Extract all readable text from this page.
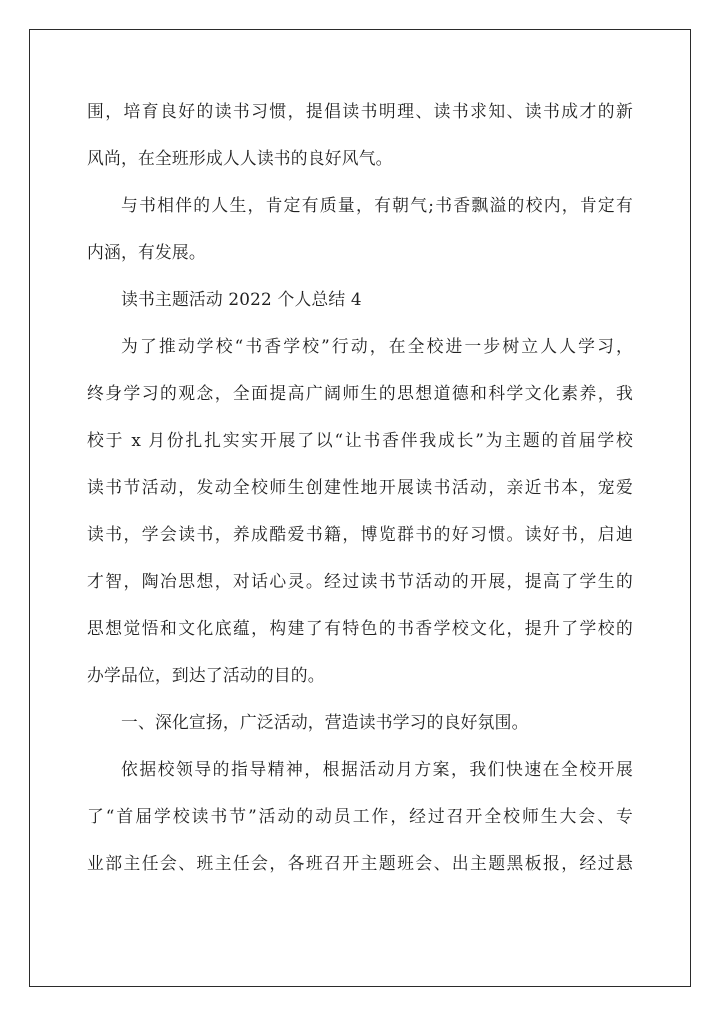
围，培育良好的读书习惯，提倡读书明理、读书求知、读书成才的新
风尚，在全班形成人人读书的良好风气。
与书相伴的人生，肯定有质量，有朝气;书香飘溢的校内，肯定有
内涵，有发展。
读书主题活动 2022 个人总结 4
为了推动学校“书香学校”行动，在全校进一步树立人人学习，
终身学习的观念，全面提高广阔师生的思想道德和科学文化素养，我
校于 x 月份扎扎实实开展了以“让书香伴我成长”为主题的首届学校
读书节活动，发动全校师生创建性地开展读书活动，亲近书本，宠爱
读书，学会读书，养成酷爱书籍，博览群书的好习惯。读好书，启迪
才智，陶冶思想，对话心灵。经过读书节活动的开展，提高了学生的
思想觉悟和文化底蕴，构建了有特色的书香学校文化，提升了学校的
办学品位，到达了活动的目的。
一、深化宣扬，广泛活动，营造读书学习的良好氛围。
依据校领导的指导精神，根据活动月方案，我们快速在全校开展
了“首届学校读书节”活动的动员工作，经过召开全校师生大会、专
业部主任会、班主任会，各班召开主题班会、出主题黑板报，经过悬
